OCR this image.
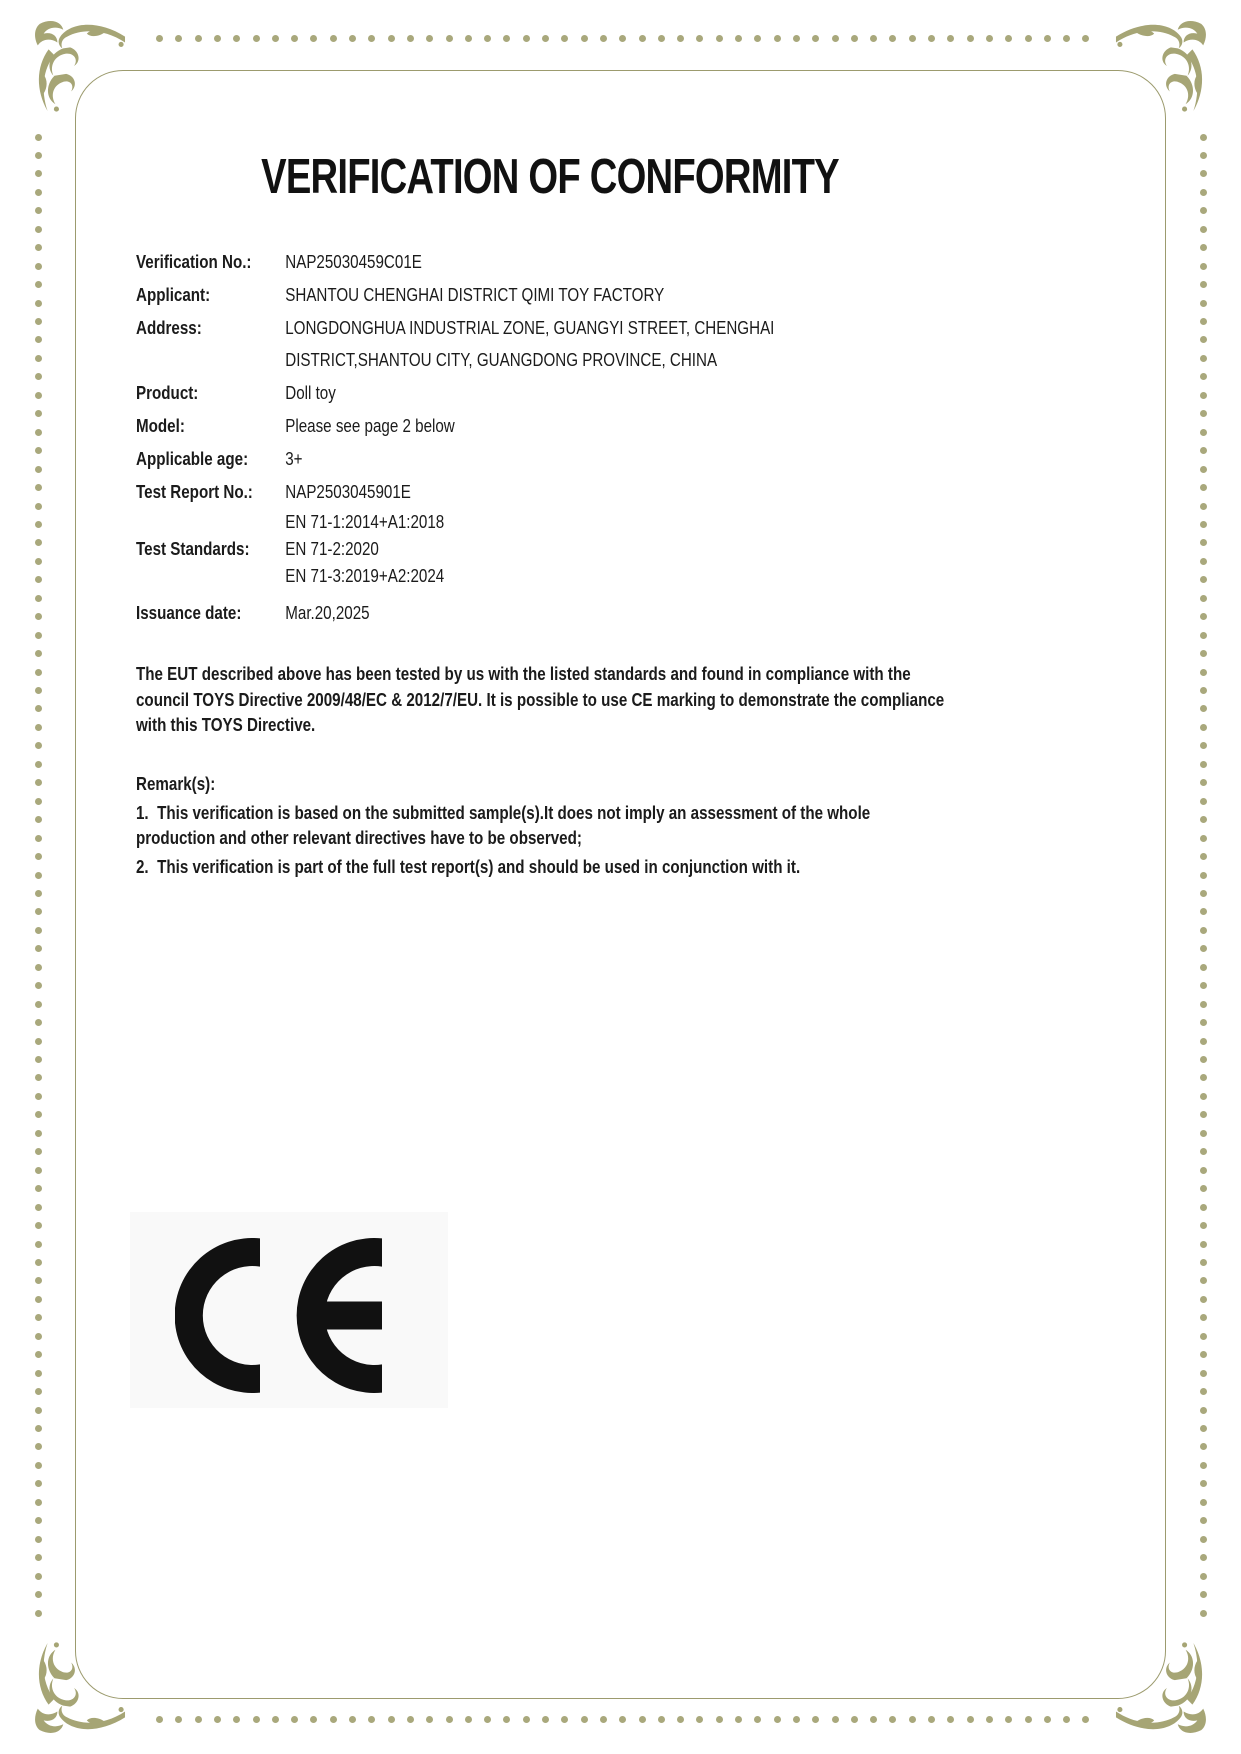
VERIFICATION OF CONFORMITY
Verification No.:	NAP25030459C01E
Applicant:	SHANTOU CHENGHAI DISTRICT QIMI TOY FACTORY
Address:	LONGDONGHUA INDUSTRIAL ZONE, GUANGYI STREET, CHENGHAI
DISTRICT,SHANTOU CITY, GUANGDONG PROVINCE, CHINA
Product:	Doll toy
Model:	Please see page 2 below
Applicable age:	3+
Test Report No.:	NAP2503045901E
EN 71-1:2014+A1:2018
Test Standards:	EN 71-2:2020
EN 71-3:2019+A2:2024
Issuance date:	Mar.20,2025
The EUT described above has been tested by us with the listed standards and found in compliance with the council TOYS Directive 2009/48/EC & 2012/7/EU. It is possible to use CE marking to demonstrate the compliance with this TOYS Directive.
Remark(s):
1.  This verification is based on the submitted sample(s).It does not imply an assessment of the whole production and other relevant directives have to be observed;
2.  This verification is part of the full test report(s) and should be used in conjunction with it.
